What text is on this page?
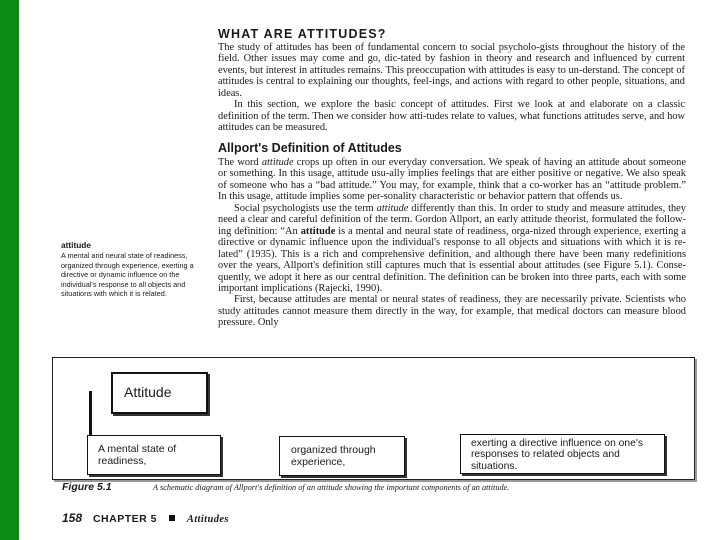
WHAT ARE ATTITUDES?

The study of attitudes has been of fundamental concern to social psycholo-gists throughout the history of the field. Other issues may come and go, dic-tated by fashion in theory and research and influenced by current events, but interest in attitudes remains. This preoccupation with attitudes is easy to un-derstand. The concept of attitudes is central to explaining our thoughts, feel-ings, and actions with regard to other people, situations, and ideas.

In this section, we explore the basic concept of attitudes. First we look at and elaborate on a classic definition of the term. Then we consider how atti-tudes relate to values, what functions attitudes serve, and how attitudes can be measured.

Allport's Definition of Attitudes

The word attitude crops up often in our everyday conversation. We speak of having an attitude about someone or something. In this usage, attitude usu-ally implies feelings that are either positive or negative. We also speak of someone who has a “bad attitude.” You may, for example, think that a co-worker has an “attitude problem.” In this usage, attitude implies some per-sonality characteristic or behavior pattern that offends us.

Social psychologists use the term attitude differently than this. In order to study and measure attitudes, they need a clear and careful definition of the term. Gordon Allport, an early attitude theorist, formulated the follow-ing definition: “An attitude is a mental and neural state of readiness, orga-nized through experience, exerting a directive or dynamic influence upon the individual's response to all objects and situations with which it is re-lated” (1935). This is a rich and comprehensive definition, and although there have been many redefinitions over the years, Allport's definition still captures much that is essential about attitudes (see Figure 5.1). Conse-quently, we adopt it here as our central definition. The definition can be broken into three parts, each with some important implications (Rajecki, 1990).

First, because attitudes are mental or neural states of readiness, they are necessarily private. Scientists who study attitudes cannot measure them directly in the way, for example, that medical doctors can measure blood pressure. Only

attitude
A mental and neural state of readiness, organized through experience, exerting a directive or dynamic influence on the individual's response to all objects and situations with which it is related.
Attitude
A mental state of readiness,
organized through experience,
exerting a directive influence on one's responses to related objects and situations.
Figure 5.1	A schematic diagram of Allport's definition of an attitude showing the important components of an attitude.
158 CHAPTER 5	Attitudes
